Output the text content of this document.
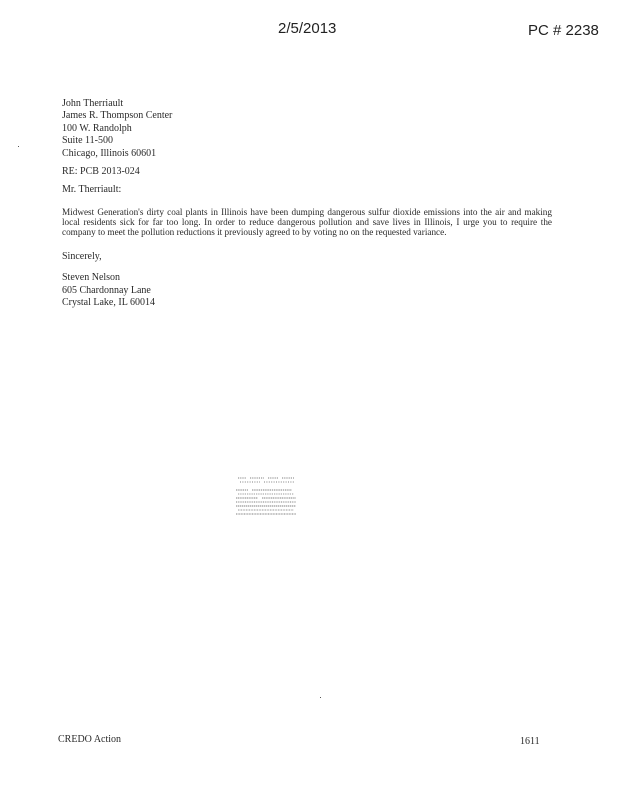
2/5/2013	PC # 2238
John Therriault
James R. Thompson Center
100 W. Randolph
Suite 11-500
Chicago, Illinois 60601
RE: PCB 2013-024
Mr. Therriault:
Midwest Generation's dirty coal plants in Illinois have been dumping dangerous sulfur dioxide emissions into the air and making local residents sick for far too long. In order to reduce dangerous pollution and save lives in Illinois, I urge you to require the company to meet the pollution reductions it previously agreed to by voting no on the requested variance.
Sincerely,
Steven Nelson
605 Chardonnay Lane
Crystal Lake, IL 60014
CREDO Action	1611
